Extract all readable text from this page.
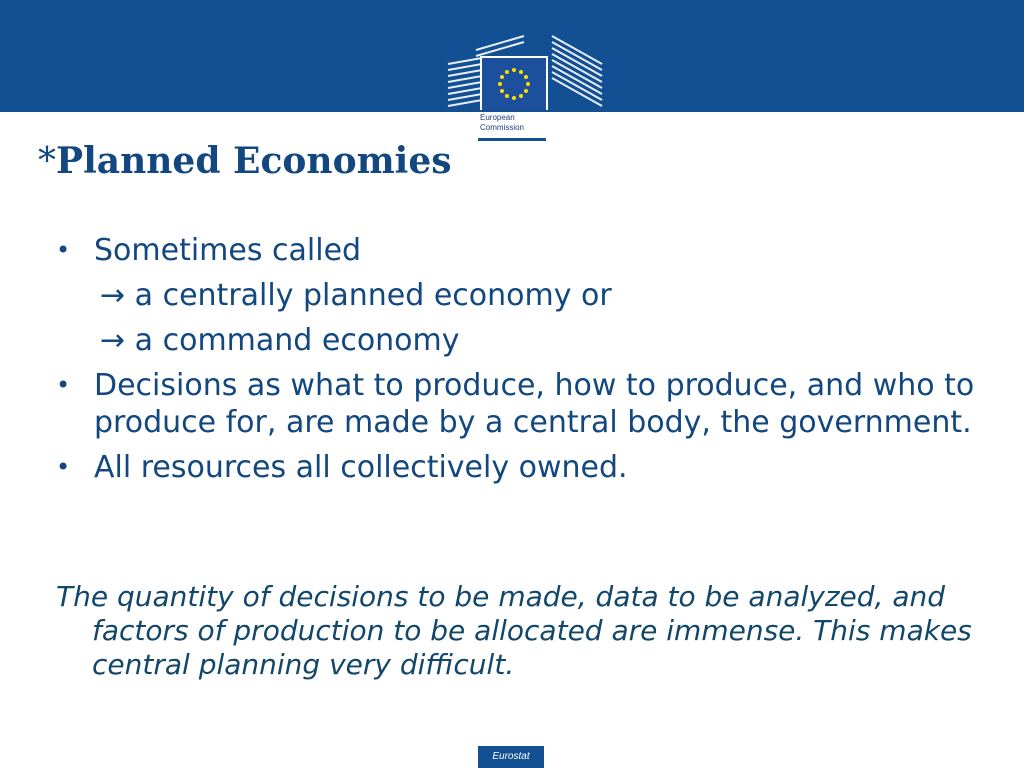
European
Commission
*Planned Economies
• Sometimes called
→ a centrally planned economy or
→ a command economy
• Decisions as what to produce, how to produce, and who to produce for, are made by a central body, the government.
• All resources all collectively owned.
The quantity of decisions to be made, data to be analyzed, and factors of production to be allocated are immense. This makes central planning very difficult.
Eurostat
